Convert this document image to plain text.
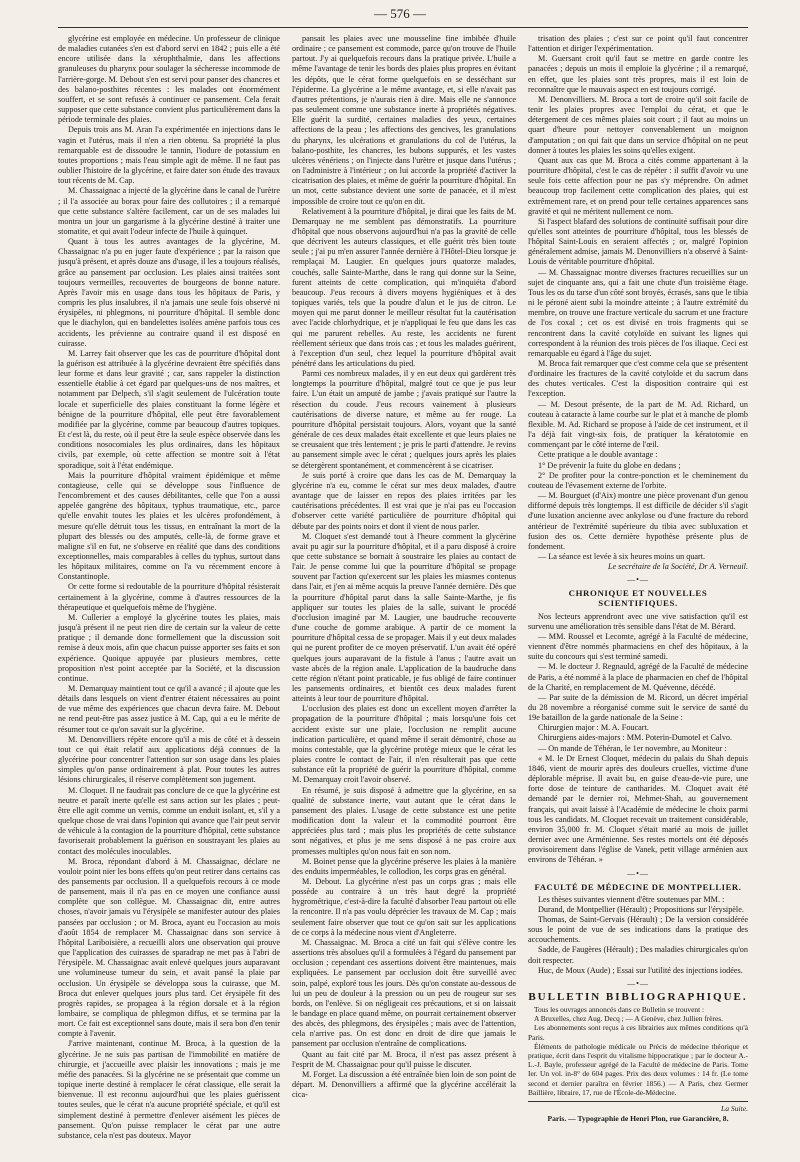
— 576 —

glycérine est employée en médecine. Un professeur de clinique de maladies cutanées s'en est d'abord servi en 1842 ; puis elle a été encore utilisée dans la xérophthalmie, dans les affections granuleuses du pharynx pour soulager la sécheresse incommode de l'arrière-gorge. M. Debout s'en est servi pour panser des chancres et des balano-posthites récentes : les malades ont énormément souffert, et se sont refusés à continuer ce pansement. Cela ferait supposer que cette substance convient plus particulièrement dans la période terminale des plaies.

Depuis trois ans M. Aran l'a expérimentée en injections dans le vagin et l'utérus, mais il n'en a rien obtenu. Sa propriété la plus remarquable est de dissoudre le tannin, l'iodure de potassium en toutes proportions ; mais l'eau simple agit de même. Il ne faut pas oublier l'histoire de la glycérine, et faire dater son étude des travaux tout récents de M. Cap.

M. Chassaignac a injecté de la glycérine dans le canal de l'urètre ; il l'a associée au borax pour faire des collutoires ; il a remarqué que cette substance s'altère facilement, car un de ses malades lui montra un jour un gargarisme à la glycérine destiné à traiter une stomatite, et qui avait l'odeur infecte de l'huile à quinquet.

Quant à tous les autres avantages de la glycérine, M. Chassaignac n'a pu en juger faute d'expérience ; par la raison que jusqu'à présent, et après douze ans d'usage, il les a toujours réalisés, grâce au pansement par occlusion. Les plaies ainsi traitées sont toujours vermeilles, recouvertes de bourgeons de bonne nature. Après l'avoir mis en usage dans tous les hôpitaux de Paris, y compris les plus insalubres, il n'a jamais une seule fois observé ni érysipèles, ni phlegmons, ni pourriture d'hôpital. Il semble donc que le diachylon, qui en bandelettes isolées amène parfois tous ces accidents, les prévienne au contraire quand il est disposé en cuirasse.

M. Larrey fait observer que les cas de pourriture d'hôpital dont la guérison est attribuée à la glycérine devraient être spécifiés dans leur forme et dans leur gravité ; car, sans rappeler la distinction essentielle établie à cet égard par quelques-uns de nos maîtres, et notamment par Delpech, s'il s'agit seulement de l'ulcération toute locale et superficielle des plaies constituant la forme légère et bénigne de la pourriture d'hôpital, elle peut être favorablement modifiée par la glycérine, comme par beaucoup d'autres topiques. Et c'est là, du reste, où il peut être la seule espèce observée dans les conditions nosocomiales les plus ordinaires, dans les hôpitaux civils, par exemple, où cette affection se montre soit à l'état sporadique, soit à l'état endémique.

Mais la pourriture d'hôpital vraiment épidémique et même contagieuse, celle qui se développe sous l'influence de l'encombrement et des causes débilitantes, celle que l'on a aussi appelée gangrène des hôpitaux, typhus traumatique, etc., parce qu'elle envahit toutes les plaies et les ulcères profondément, à mesure qu'elle détruit tous les tissus, en entraînant la mort de la plupart des blessés ou des amputés, celle-là, de forme grave et maligne s'il en fut, ne s'observe en réalité que dans des conditions exceptionnelles, mais comparables à celles du typhus, surtout dans les hôpitaux militaires, comme on l'a vu récemment encore à Constantinople.

Or cette forme si redoutable de la pourriture d'hôpital résisterait certainement à la glycérine, comme à d'autres ressources de la thérapeutique et quelquefois même de l'hygiène.

M. Cullerier a employé la glycérine toutes les plaies, mais jusqu'à présent il ne peut rien dire de certain sur la valeur de cette pratique ; il demande donc formellement que la discussion soit remise à deux mois, afin que chacun puisse apporter ses faits et son expérience. Quoique appuyée par plusieurs membres, cette proposition n'est point acceptée par la Société, et la discussion continue.

M. Demarquay maintient tout ce qu'il a avancé ; il ajoute que les détails dans lesquels on vient d'entrer étaient nécessaires au point de vue même des expériences que chacun devra faire. M. Debout ne rend peut-être pas assez justice à M. Cap, qui a eu le mérite de résumer tout ce qu'on savait sur la glycérine.

M. Denonvilliers répète encore qu'il a mis de côté et à dessein tout ce qui était relatif aux applications déjà connues de la glycérine pour concentrer l'attention sur son usage dans les plaies simples qu'on panse ordinairement à plat. Pour toutes les autres lésions chirurgicales, il réserve complètement son jugement.

M. Cloquet. Il ne faudrait pas conclure de ce que la glycérine est neutre et paraît inerte qu'elle est sans action sur les plaies ; peut-être elle agit comme un vernis, comme un enduit isolant, et, s'il y a quelque chose de vrai dans l'opinion qui avance que l'air peut servir de véhicule à la contagion de la pourriture d'hôpital, cette substance favoriserait probablement la guérison en soustrayant les plaies au contact des molécules inoculables.

M. Broca, répondant d'abord à M. Chassaignac, déclare ne vouloir point nier les bons effets qu'on peut retirer dans certains cas des pansements par occlusion. Il a quelquefois recours à ce mode de pansement, mais il n'a pas en ce moyen une confiance aussi complète que son collègue. M. Chassaignac dit, entre autres choses, n'avoir jamais vu l'érysipèle se manifester autour des plaies pansées par occlusion ; or M. Broca, ayant eu l'occasion au mois d'août 1854 de remplacer M. Chassaignac dans son service à l'hôpital Lariboisière, a recueilli alors une observation qui prouve que l'application des cuirasses de sparadrap ne met pas à l'abri de l'érysipèle. M. Chassaignac avait enlevé quelques jours auparavant une volumineuse tumeur du sein, et avait pansé la plaie par occlusion. Un érysipèle se développa sous la cuirasse, que M. Broca dut enlever quelques jours plus tard. Cet érysipèle fit des progrès rapides, se propagea à la région dorsale et à la région lombaire, se compliqua de phlegmon diffus, et se termina par la mort. Ce fait est exceptionnel sans doute, mais il sera bon d'en tenir compte à l'avenir.

J'arrive maintenant, continue M. Broca, à la question de la glycérine. Je ne suis pas partisan de l'immobilité en matière de chirurgie, et j'accueille avec plaisir les innovations ; mais je me méfie des panacées. Si la glycérine ne se présentait que comme un topique inerte destiné à remplacer le cérat classique, elle serait la bienvenue. Il est reconnu aujourd'hui que les plaies guérissent toutes seules, que le cérat n'a aucune propriété spéciale, et qu'il est simplement destiné à permettre d'enlever aisément les pièces de pansement. Qu'on puisse remplacer le cérat par une autre substance, cela n'est pas douteux. Mayor

pansait les plaies avec une mousseline fine imbibée d'huile ordinaire ; ce pansement est commode, parce qu'on trouve de l'huile partout. J'y ai quelquefois recours dans la pratique privée. L'huile a même l'avantage de tenir les bords des plaies plus propres en évitant les dépôts, que le cérat forme quelquefois en se desséchant sur l'épiderme. La glycérine a le même avantage, et, si elle n'avait pas d'autres prétentions, je n'aurais rien à dire. Mais elle ne s'annonce pas seulement comme une substance inerte à propriétés négatives. Elle guérit la surdité, certaines maladies des yeux, certaines affections de la peau ; les affections des gencives, les granulations du pharynx, les ulcérations et granulations du col de l'utérus, la balano-posthite, les chancres, les bubons suppurés, et les vastes ulcères vénériens ; on l'injecte dans l'urètre et jusque dans l'utérus ; on l'administre à l'intérieur ; on lui accorde la propriété d'activer la cicatrisation des plaies, et même de guérir la pourriture d'hôpital. En un mot, cette substance devient une sorte de panacée, et il m'est impossible de croire tout ce qu'on en dit.

Relativement à la pourriture d'hôpital, je dirai que les faits de M. Demarquay ne me semblent pas démonstratifs. La pourriture d'hôpital que nous observons aujourd'hui n'a pas la gravité de celle que décrivent les auteurs classiques, et elle guérit très bien toute seule ; j'ai pu m'en assurer l'année dernière à l'Hôtel-Dieu lorsque je remplaçai M. Laugier. En quelques jours quatorze malades, couchés, salle Sainte-Marthe, dans le rang qui donne sur la Seine, furent atteints de cette complication, qui m'inquiéta d'abord beaucoup. J'eus recours à divers moyens hygiéniques et à des topiques variés, tels que la poudre d'alun et le jus de citron. Le moyen qui me parut donner le meilleur résultat fut la cautérisation avec l'acide chlorhydrique, et je n'appliquai le feu que dans les cas qui me parurent rebelles. Au reste, les accidents ne furent réellement sérieux que dans trois cas ; et tous les malades guérirent, à l'exception d'un seul, chez lequel la pourriture d'hôpital avait pénétré dans les articulations du pied.

Parmi ces nombreux malades, il y en eut deux qui gardèrent très longtemps la pourriture d'hôpital, malgré tout ce que je pus leur faire. L'un était un amputé de jambe ; j'avais pratiqué sur l'autre la résection du coude. J'eus recours vainement à plusieurs cautérisations de diverse nature, et même au fer rouge. La pourriture d'hôpital persistait toujours. Alors, voyant que la santé générale de ces deux malades était excellente et que leurs plaies ne se creusaient que très lentement ; je pris le parti d'attendre. Je revins au pansement simple avec le cérat ; quelques jours après les plaies se détergèrent spontanément, et commencèrent à se cicatriser.

Je suis porté à croire que dans les cas de M. Demarquay la glycérine n'a eu, comme le cérat sur mes deux malades, d'autre avantage que de laisser en repos des plaies irritées par les cautérisations précédentes. Il est vrai que je n'ai pas eu l'occasion d'observer cette variété particulière de pourriture d'hôpital qui débute par des points noirs et dont il vient de nous parler.

M. Cloquet s'est demandé tout à l'heure comment la glycérine avait pu agir sur la pourriture d'hôpital, et il a paru disposé à croire que cette substance se bornait à soustraire les plaies au contact de l'air. Je pense comme lui que la pourriture d'hôpital se propage souvent par l'action qu'exercent sur les plaies les miasmes contenus dans l'air, et j'en ai même acquis la preuve l'année dernière. Dès que la pourriture d'hôpital parut dans la salle Sainte-Marthe, je fis appliquer sur toutes les plaies de la salle, suivant le procédé d'occlusion imaginé par M. Laugier, une baudruche recouverte d'une couche de gomme arabique. A partir de ce moment la pourriture d'hôpital cessa de se propager. Mais il y eut deux malades qui ne purent profiter de ce moyen préservatif. L'un avait été opéré quelques jours auparavant de la fistule à l'anus ; l'autre avait un vaste abcès de la région anale. L'application de la baudruche dans cette région n'étant point praticable, je fus obligé de faire continuer les pansements ordinaires, et bientôt ces deux malades furent atteints à leur tour de pourriture d'hôpital.

L'occlusion des plaies est donc un excellent moyen d'arrêter la propagation de la pourriture d'hôpital ; mais lorsqu'une fois cet accident existe sur une plaie, l'occlusion ne remplit aucune indication particulière, et quand même il serait démontré, chose au moins contestable, que la glycérine protège mieux que le cérat les plaies contre le contact de l'air, il n'en résulterait pas que cette substance eût la propriété de guérir la pourriture d'hôpital, comme M. Demarquay croit l'avoir observé.

En résumé, je suis disposé à admettre que la glycérine, en sa qualité de substance inerte, vaut autant que le cérat dans le pansement des plaies. L'usage de cette substance est une petite modification dont la valeur et la commodité pourront être appréciées plus tard ; mais plus les propriétés de cette substance sont négatives, et plus je me sens disposé à ne pas croire aux promesses multiples qu'on nous fait en son nom.

M. Boinet pense que la glycérine préserve les plaies à la manière des enduits imperméables, le collodion, les corps gras en général.

M. Debout. La glycérine n'est pas un corps gras ; mais elle possède au contraire à un très haut degré la propriété hygrométrique, c'est-à-dire la faculté d'absorber l'eau partout où elle la rencontre. Il n'a pas voulu déprécier les travaux de M. Cap ; mais seulement faire observer que tout ce qu'on sait sur les applications de ce corps à la médecine nous vient d'Angleterre.

M. Chassaignac. M. Broca a cité un fait qui s'élève contre les assertions très absolues qu'il a formulées à l'égard du pansement par occlusion ; cependant ces assertions doivent être maintenues, mais expliquées. Le pansement par occlusion doit être surveillé avec soin, palpé, exploré tous les jours. Dès qu'on constate au-dessous de lui un peu de douleur à la pression ou un peu de rougeur sur ses bords, on l'enlève. Si on négligeait ces précautions, et si on laissait le bandage en place quand même, on pourrait certainement observer des abcès, des phlegmons, des érysipèles ; mais avec de l'attention, cela n'arrive pas. On est donc en droit de dire que jamais le pansement par occlusion n'entraîne de complications.

Quant au fait cité par M. Broca, il n'est pas assez présent à l'esprit de M. Chassaignac pour qu'il puisse le discuter.

M. Forget. La discussion a été entraînée bien loin de son point de départ. M. Denonvilliers a affirmé que la glycérine accélérait la cica-

trisation des plaies ; c'est sur ce point qu'il faut concentrer l'attention et diriger l'expérimentation.

M. Guersant croit qu'il faut se mettre en garde contre les panacées ; depuis un mois il emploie la glycérine ; il a remarqué, en effet, que les plaies sont très propres, mais il est loin de reconnaître que le mauvais aspect en est toujours corrigé.

M. Denonvilliers. M. Broca a tort de croire qu'il soit facile de tenir les plaies propres avec l'emploi du cérat, et que le détergement de ces mêmes plaies soit court ; il faut au moins un quart d'heure pour nettoyer convenablement un moignon d'amputation ; on qui fait que dans un service d'hôpital on ne peut donner à toutes les plaies les soins qu'elles exigent.

Quant aux cas que M. Broca a cités comme appartenant à la pourriture d'hôpital, c'est le cas de répéter : il suffit d'avoir vu une seule fois cette affection pour ne pas s'y méprendre. On admet beaucoup trop facilement cette complication des plaies, qui est extrêmement rare, et on prend pour telle certaines apparences sans gravité et qui ne méritent nullement ce nom.

Si l'aspect blafard des solutions de continuité suffisait pour dire qu'elles sont atteintes de pourriture d'hôpital, tous les blessés de l'hôpital Saint-Louis en seraient affectés ; or, malgré l'opinion généralement admise, jamais M. Denonvilliers n'a observé à Saint-Louis de véritable pourriture d'hôpital.

— M. Chassaignac montre diverses fractures recueillies sur un sujet de cinquante ans, qui a fait une chute d'un troisième étage. Tous les os du tarse d'un côté sont broyés, écrasés, sans que le tibia ni le péroné aient subi la moindre atteinte ; à l'autre extrémité du membre, on trouve une fracture verticale du sacrum et une fracture de l'os coxal ; cet os est divisé en trois fragments qui se rencontrent dans la cavité cotyloïde en suivant les lignes qui correspondent à la réunion des trois pièces de l'os iliaque. Ceci est remarquable eu égard à l'âge du sujet.

M. Broca fait remarquer que c'est comme cela que se présentent d'ordinaire les fractures de la cavité cotyloïde et du sacrum dans des chutes verticales. C'est la disposition contraire qui est l'exception.

— M. Desout présente, de la part de M. Ad. Richard, un couteau à cataracte à lame courbe sur le plat et à manche de plomb flexible. M. Ad. Richard se propose à l'aide de cet instrument, et il l'a déjà fait vingt-six fois, de pratiquer la kératotomie en commençant par le côté interne de l'œil.

Cette pratique a le double avantage :

1° De prévenir la fuite du globe en dedans ;

2° De profiter pour la contre-ponction et le cheminement du couteau de l'évasement externe de l'orbite.

— M. Bourguet (d'Aix) montre une pièce provenant d'un genou difformé depuis très longtemps. Il est difficile de décider s'il s'agit d'une luxation ancienne avec ankylose ou d'une fracture du rebord antérieur de l'extrémité supérieure du tibia avec subluxation et fusion des os. Cette dernière hypothèse présente plus de fondement.

— La séance est levée à six heures moins un quart.

Le secrétaire de la Société, Dr A. Verneuil.

—•—
CHRONIQUE ET NOUVELLES SCIENTIFIQUES.

Nos lecteurs apprendront avec une vive satisfaction qu'il est survenu une amélioration très sensible dans l'état de M. Bérard.

— MM. Roussel et Lecomte, agrégé à la Faculté de médecine, viennent d'être nommés pharmaciens en chef des hôpitaux, à la suite du concours qui s'est terminé samedi.

— M. le docteur J. Regnauld, agrégé de la Faculté de médecine de Paris, a été nommé à la place de pharmacien en chef de l'hôpital de la Charité, en remplacement de M. Quévenne, décédé.

— Par suite de la démission de M. Ricord, un décret impérial du 28 novembre a réorganisé comme suit le service de santé du 19e bataillon de la garde nationale de la Seine :

Chirurgien major : M. A. Foucart.

Chirurgiens aides-majors : MM. Poterin-Dumotel et Calvo.

— On mande de Téhéran, le 1er novembre, au Moniteur :

« M. le Dr Ernest Cloquet, médecin du palais du Shah depuis 1846, vient de mourir après des douleurs cruelles, victime d'une déplorable méprise. Il avait bu, en guise d'eau-de-vie pure, une forte dose de teinture de cantharides. M. Cloquet avait été demandé par le dernier roi, Mehmet-Shah, au gouvernement français, qui avait laissé à l'Académie de médecine le choix parmi tous les candidats. M. Cloquet recevait un traitement considérable, environ 35,000 fr. M. Cloquet s'était marié au mois de juillet dernier avec une Arménienne. Ses restes mortels ont été déposés provisoirement dans l'église de Vanek, petit village arménien aux environs de Téhéran. »

—•—
FACULTÉ DE MÉDECINE DE MONTPELLIER.

Les thèses suivantes viennent d'être soutenues par MM. :

Durand, de Montpellier (Hérault) ; Propositions sur l'érysipèle.

Thomas, de Saint-Gervais (Hérault) ; De la version considérée sous le point de vue de ses indications dans la pratique des accouchements.

Sadde, de Faugères (Hérault) ; Des maladies chirurgicales qu'on doit respecter.

Huc, de Moux (Aude) ; Essai sur l'utilité des injections iodées.

—•—
BULLETIN BIBLIOGRAPHIQUE.

Tous les ouvrages annoncés dans ce Bulletin se trouvent :

A Bruxelles, chez Aug. Decq ; — A Genève, chez Jullien frères.

Les abonnements sont reçus à ces librairies aux mêmes conditions qu'à Paris.

Éléments de pathologie médicale ou Précis de médecine théorique et pratique, écrit dans l'esprit du vitalisme hippocratique ; par le docteur A.-L.-J. Bayle, professeur agrégé de la Faculté de médecine de Paris. Tome Ier. Un vol. in-8° de 604 pages. Prix des deux volumes : 14 fr. (Le tome second et dernier paraîtra en février 1856.) — A Paris, chez Germer Baillière, libraire, 17, rue de l'École-de-Médecine.

La Suite.
Paris. — Typographie de Henri Plon, rue Garancière, 8.
